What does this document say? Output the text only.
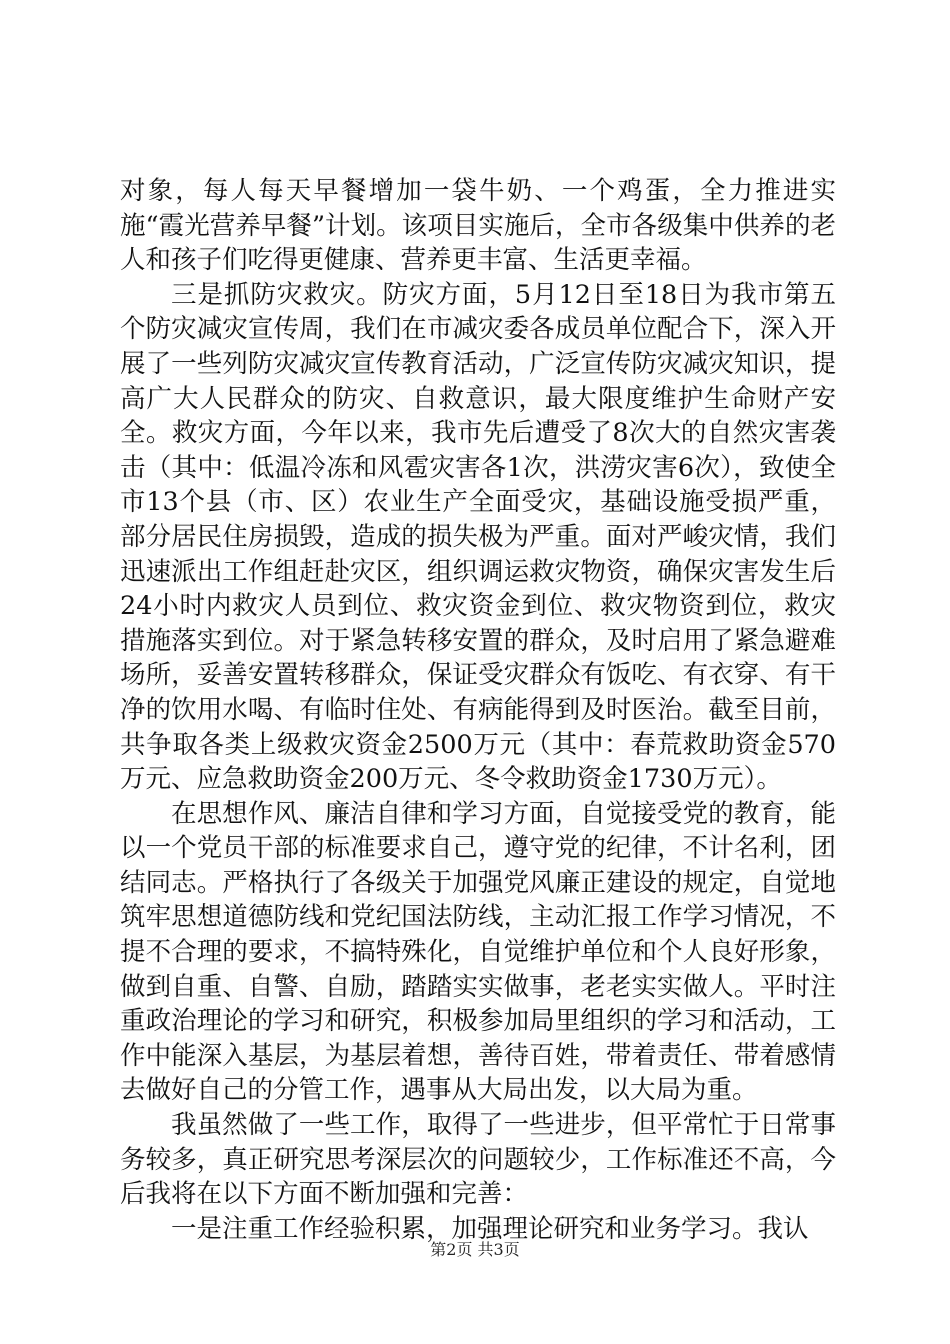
对象，每人每天早餐增加一袋牛奶、一个鸡蛋，全力推进实施“霞光营养早餐”计划。该项目实施后，全市各级集中供养的老人和孩子们吃得更健康、营养更丰富、生活更幸福。

三是抓防灾救灾。防灾方面，5月12日至18日为我市第五个防灾减灾宣传周，我们在市减灾委各成员单位配合下，深入开展了一些列防灾减灾宣传教育活动，广泛宣传防灾减灾知识，提高广大人民群众的防灾、自救意识，最大限度维护生命财产安全。救灾方面，今年以来，我市先后遭受了8次大的自然灾害袭击（其中：低温冷冻和风雹灾害各1次，洪涝灾害6次），致使全市13个县（市、区）农业生产全面受灾，基础设施受损严重，部分居民住房损毁，造成的损失极为严重。面对严峻灾情，我们迅速派出工作组赶赴灾区，组织调运救灾物资，确保灾害发生后24小时内救灾人员到位、救灾资金到位、救灾物资到位，救灾措施落实到位。对于紧急转移安置的群众，及时启用了紧急避难场所，妥善安置转移群众，保证受灾群众有饭吃、有衣穿、有干净的饮用水喝、有临时住处、有病能得到及时医治。截至目前，共争取各类上级救灾资金2500万元（其中：春荒救助资金570万元、应急救助资金200万元、冬令救助资金1730万元）。

在思想作风、廉洁自律和学习方面，自觉接受党的教育，能以一个党员干部的标准要求自己，遵守党的纪律，不计名利，团结同志。严格执行了各级关于加强党风廉正建设的规定，自觉地筑牢思想道德防线和党纪国法防线，主动汇报工作学习情况，不提不合理的要求，不搞特殊化，自觉维护单位和个人良好形象，做到自重、自警、自励，踏踏实实做事，老老实实做人。平时注重政治理论的学习和研究，积极参加局里组织的学习和活动，工作中能深入基层，为基层着想，善待百姓，带着责任、带着感情去做好自己的分管工作，遇事从大局出发，以大局为重。

我虽然做了一些工作，取得了一些进步，但平常忙于日常事务较多，真正研究思考深层次的问题较少，工作标准还不高，今后我将在以下方面不断加强和完善：

一是注重工作经验积累，加强理论研究和业务学习。我认

第2页 共3页
